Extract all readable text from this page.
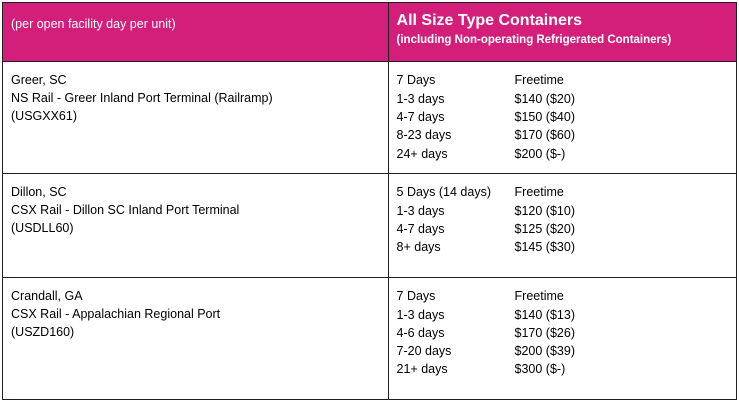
(per open facility day per unit)	All Size Type Containers
(including Non-operating Refrigerated Containers)

Greer, SC
NS Rail - Greer Inland Port Terminal (Railramp)
(USGXX61)

7 Days	Freetime
1-3 days	$140 ($20)
4-7 days	$150 ($40)
8-23 days	$170 ($60)
24+ days	$200 ($-)

Dillon, SC
CSX Rail - Dillon SC Inland Port Terminal
(USDLL60)

5 Days (14 days)	Freetime
1-3 days	$120 ($10)
4-7 days	$125 ($20)
8+ days	$145 ($30)

Crandall, GA
CSX Rail - Appalachian Regional Port
(USZD160)

7 Days	Freetime
1-3 days	$140 ($13)
4-6 days	$170 ($26)
7-20 days	$200 ($39)
21+ days	$300 ($-)
